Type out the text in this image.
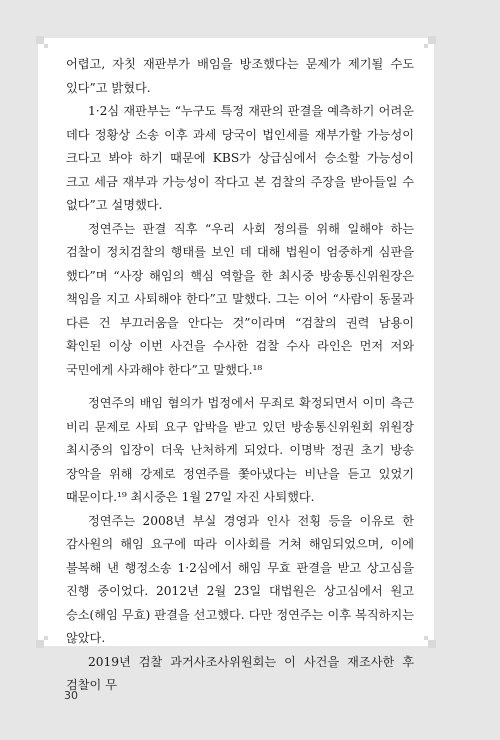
어렵고, 자칫 재판부가 배임을 방조했다는 문제가 제기될 수도 있다”고 밝혔다.

1·2심 재판부는 “누구도 특정 재판의 판결을 예측하기 어려운 데다 정황상 소송 이후 과세 당국이 법인세를 재부가할 가능성이 크다고 봐야 하기 때문에 KBS가 상급심에서 승소할 가능성이 크고 세금 재부과 가능성이 작다고 본 검찰의 주장을 받아들일 수 없다”고 설명했다.

정연주는 판결 직후 “우리 사회 정의를 위해 일해야 하는 검찰이 정치검찰의 행태를 보인 데 대해 법원이 엄중하게 심판을 했다”며 “사장 해임의 핵심 역할을 한 최시중 방송통신위원장은 책임을 지고 사퇴해야 한다”고 말했다. 그는 이어 “사람이 동물과 다른 건 부끄러움을 안다는 것”이라며 “검찰의 권력 남용이 확인된 이상 이번 사건을 수사한 검찰 수사 라인은 먼저 저와 국민에게 사과해야 한다”고 말했다.¹⁸

정연주의 배임 혐의가 법정에서 무죄로 확정되면서 이미 측근 비리 문제로 사퇴 요구 압박을 받고 있던 방송통신위원회 위원장 최시중의 입장이 더욱 난처하게 되었다. 이명박 정권 초기 방송 장악을 위해 강제로 정연주를 쫓아냈다는 비난을 듣고 있었기 때문이다.¹⁹ 최시중은 1월 27일 자진 사퇴했다.

정연주는 2008년 부실 경영과 인사 전횡 등을 이유로 한 감사원의 해임 요구에 따라 이사회를 거쳐 해임되었으며, 이에 불복해 낸 행정소송 1·2심에서 해임 무효 판결을 받고 상고심을 진행 중이었다. 2012년 2월 23일 대법원은 상고심에서 원고 승소(해임 무효) 판결을 선고했다. 다만 정연주는 이후 복직하지는 않았다.

2019년 검찰 과거사조사위원회는 이 사건을 재조사한 후 검찰이 무

30
